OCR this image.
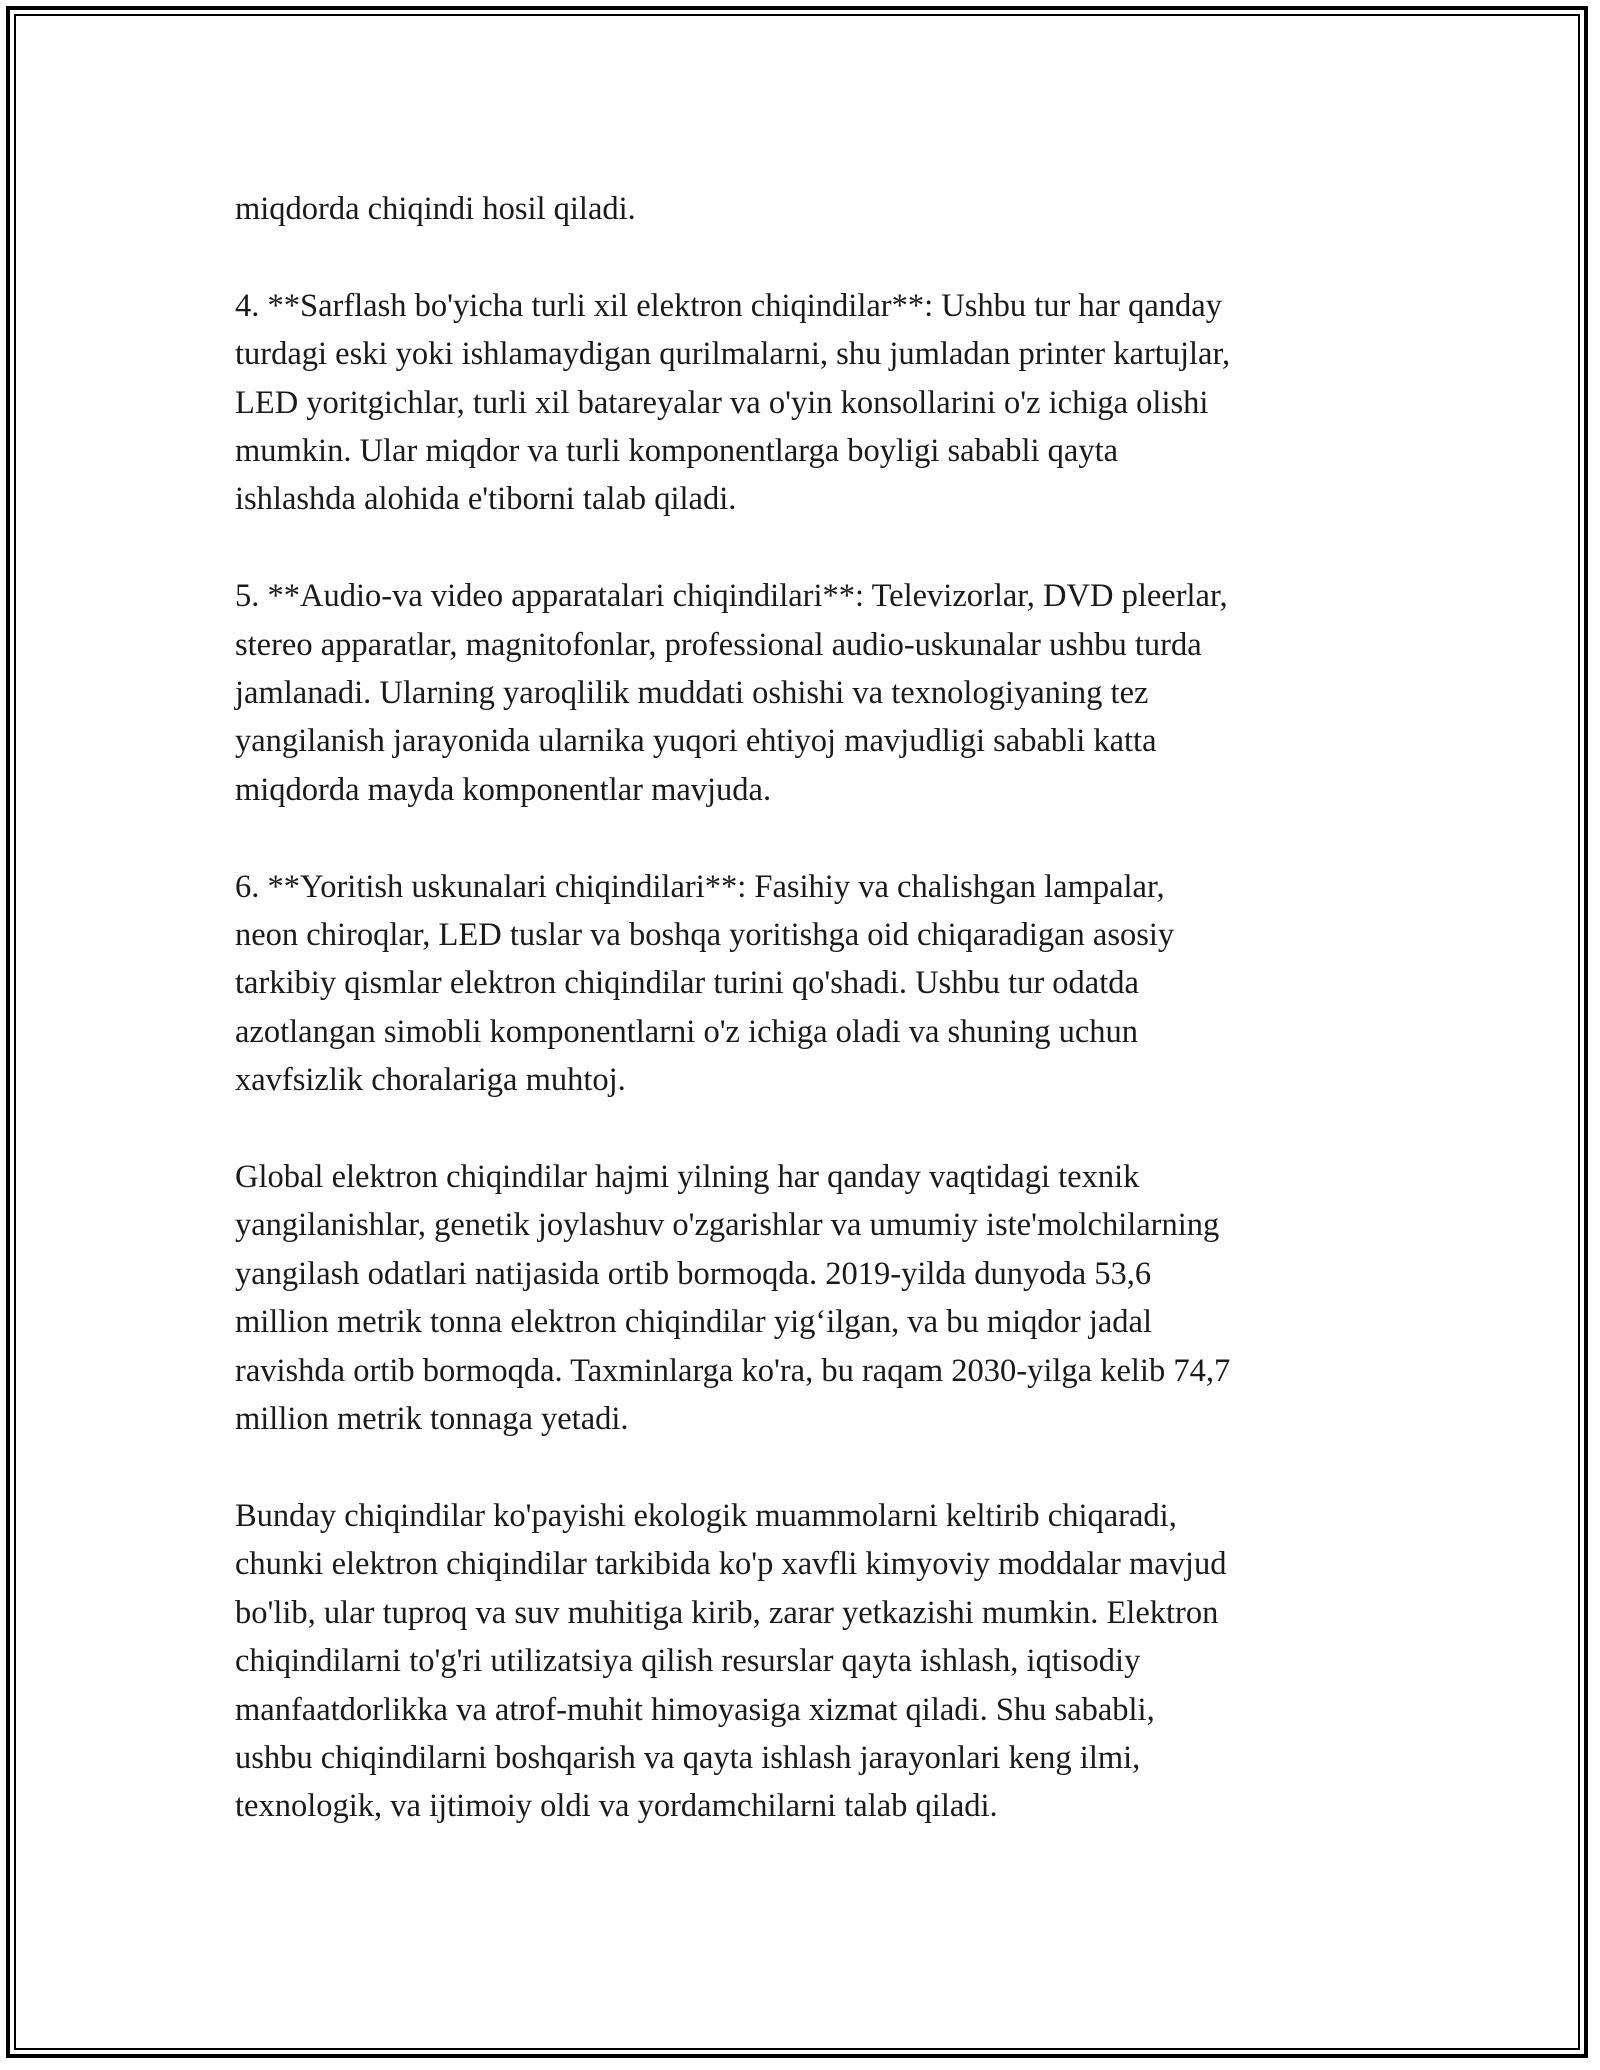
miqdorda chiqindi hosil qiladi.

4. **Sarflash bo'yicha turli xil elektron chiqindilar**: Ushbu tur har qanday
turdagi eski yoki ishlamaydigan qurilmalarni, shu jumladan printer kartujlar,
LED yoritgichlar, turli xil batareyalar va o'yin konsollarini o'z ichiga olishi
mumkin. Ular miqdor va turli komponentlarga boyligi sababli qayta
ishlashda alohida e'tiborni talab qiladi.

5. **Audio-va video apparatalari chiqindilari**: Televizorlar, DVD pleerlar,
stereo apparatlar, magnitofonlar, professional audio-uskunalar ushbu turda
jamlanadi. Ularning yaroqlilik muddati oshishi va texnologiyaning tez
yangilanish jarayonida ularnika yuqori ehtiyoj mavjudligi sababli katta
miqdorda mayda komponentlar mavjuda.

6. **Yoritish uskunalari chiqindilari**: Fasihiy va chalishgan lampalar,
neon chiroqlar, LED tuslar va boshqa yoritishga oid chiqaradigan asosiy
tarkibiy qismlar elektron chiqindilar turini qo'shadi. Ushbu tur odatda
azotlangan simobli komponentlarni o'z ichiga oladi va shuning uchun
xavfsizlik choralariga muhtoj.

Global elektron chiqindilar hajmi yilning har qanday vaqtidagi texnik
yangilanishlar, genetik joylashuv o'zgarishlar va umumiy iste'molchilarning
yangilash odatlari natijasida ortib bormoqda. 2019-yilda dunyoda 53,6
million metrik tonna elektron chiqindilar yig‘ilgan, va bu miqdor jadal
ravishda ortib bormoqda. Taxminlarga ko'ra, bu raqam 2030-yilga kelib 74,7
million metrik tonnaga yetadi.

Bunday chiqindilar ko'payishi ekologik muammolarni keltirib chiqaradi,
chunki elektron chiqindilar tarkibida ko'p xavfli kimyoviy moddalar mavjud
bo'lib, ular tuproq va suv muhitiga kirib, zarar yetkazishi mumkin. Elektron
chiqindilarni to'g'ri utilizatsiya qilish resurslar qayta ishlash, iqtisodiy
manfaatdorlikka va atrof-muhit himoyasiga xizmat qiladi. Shu sababli,
ushbu chiqindilarni boshqarish va qayta ishlash jarayonlari keng ilmi,
texnologik, va ijtimoiy oldi va yordamchilarni talab qiladi.
